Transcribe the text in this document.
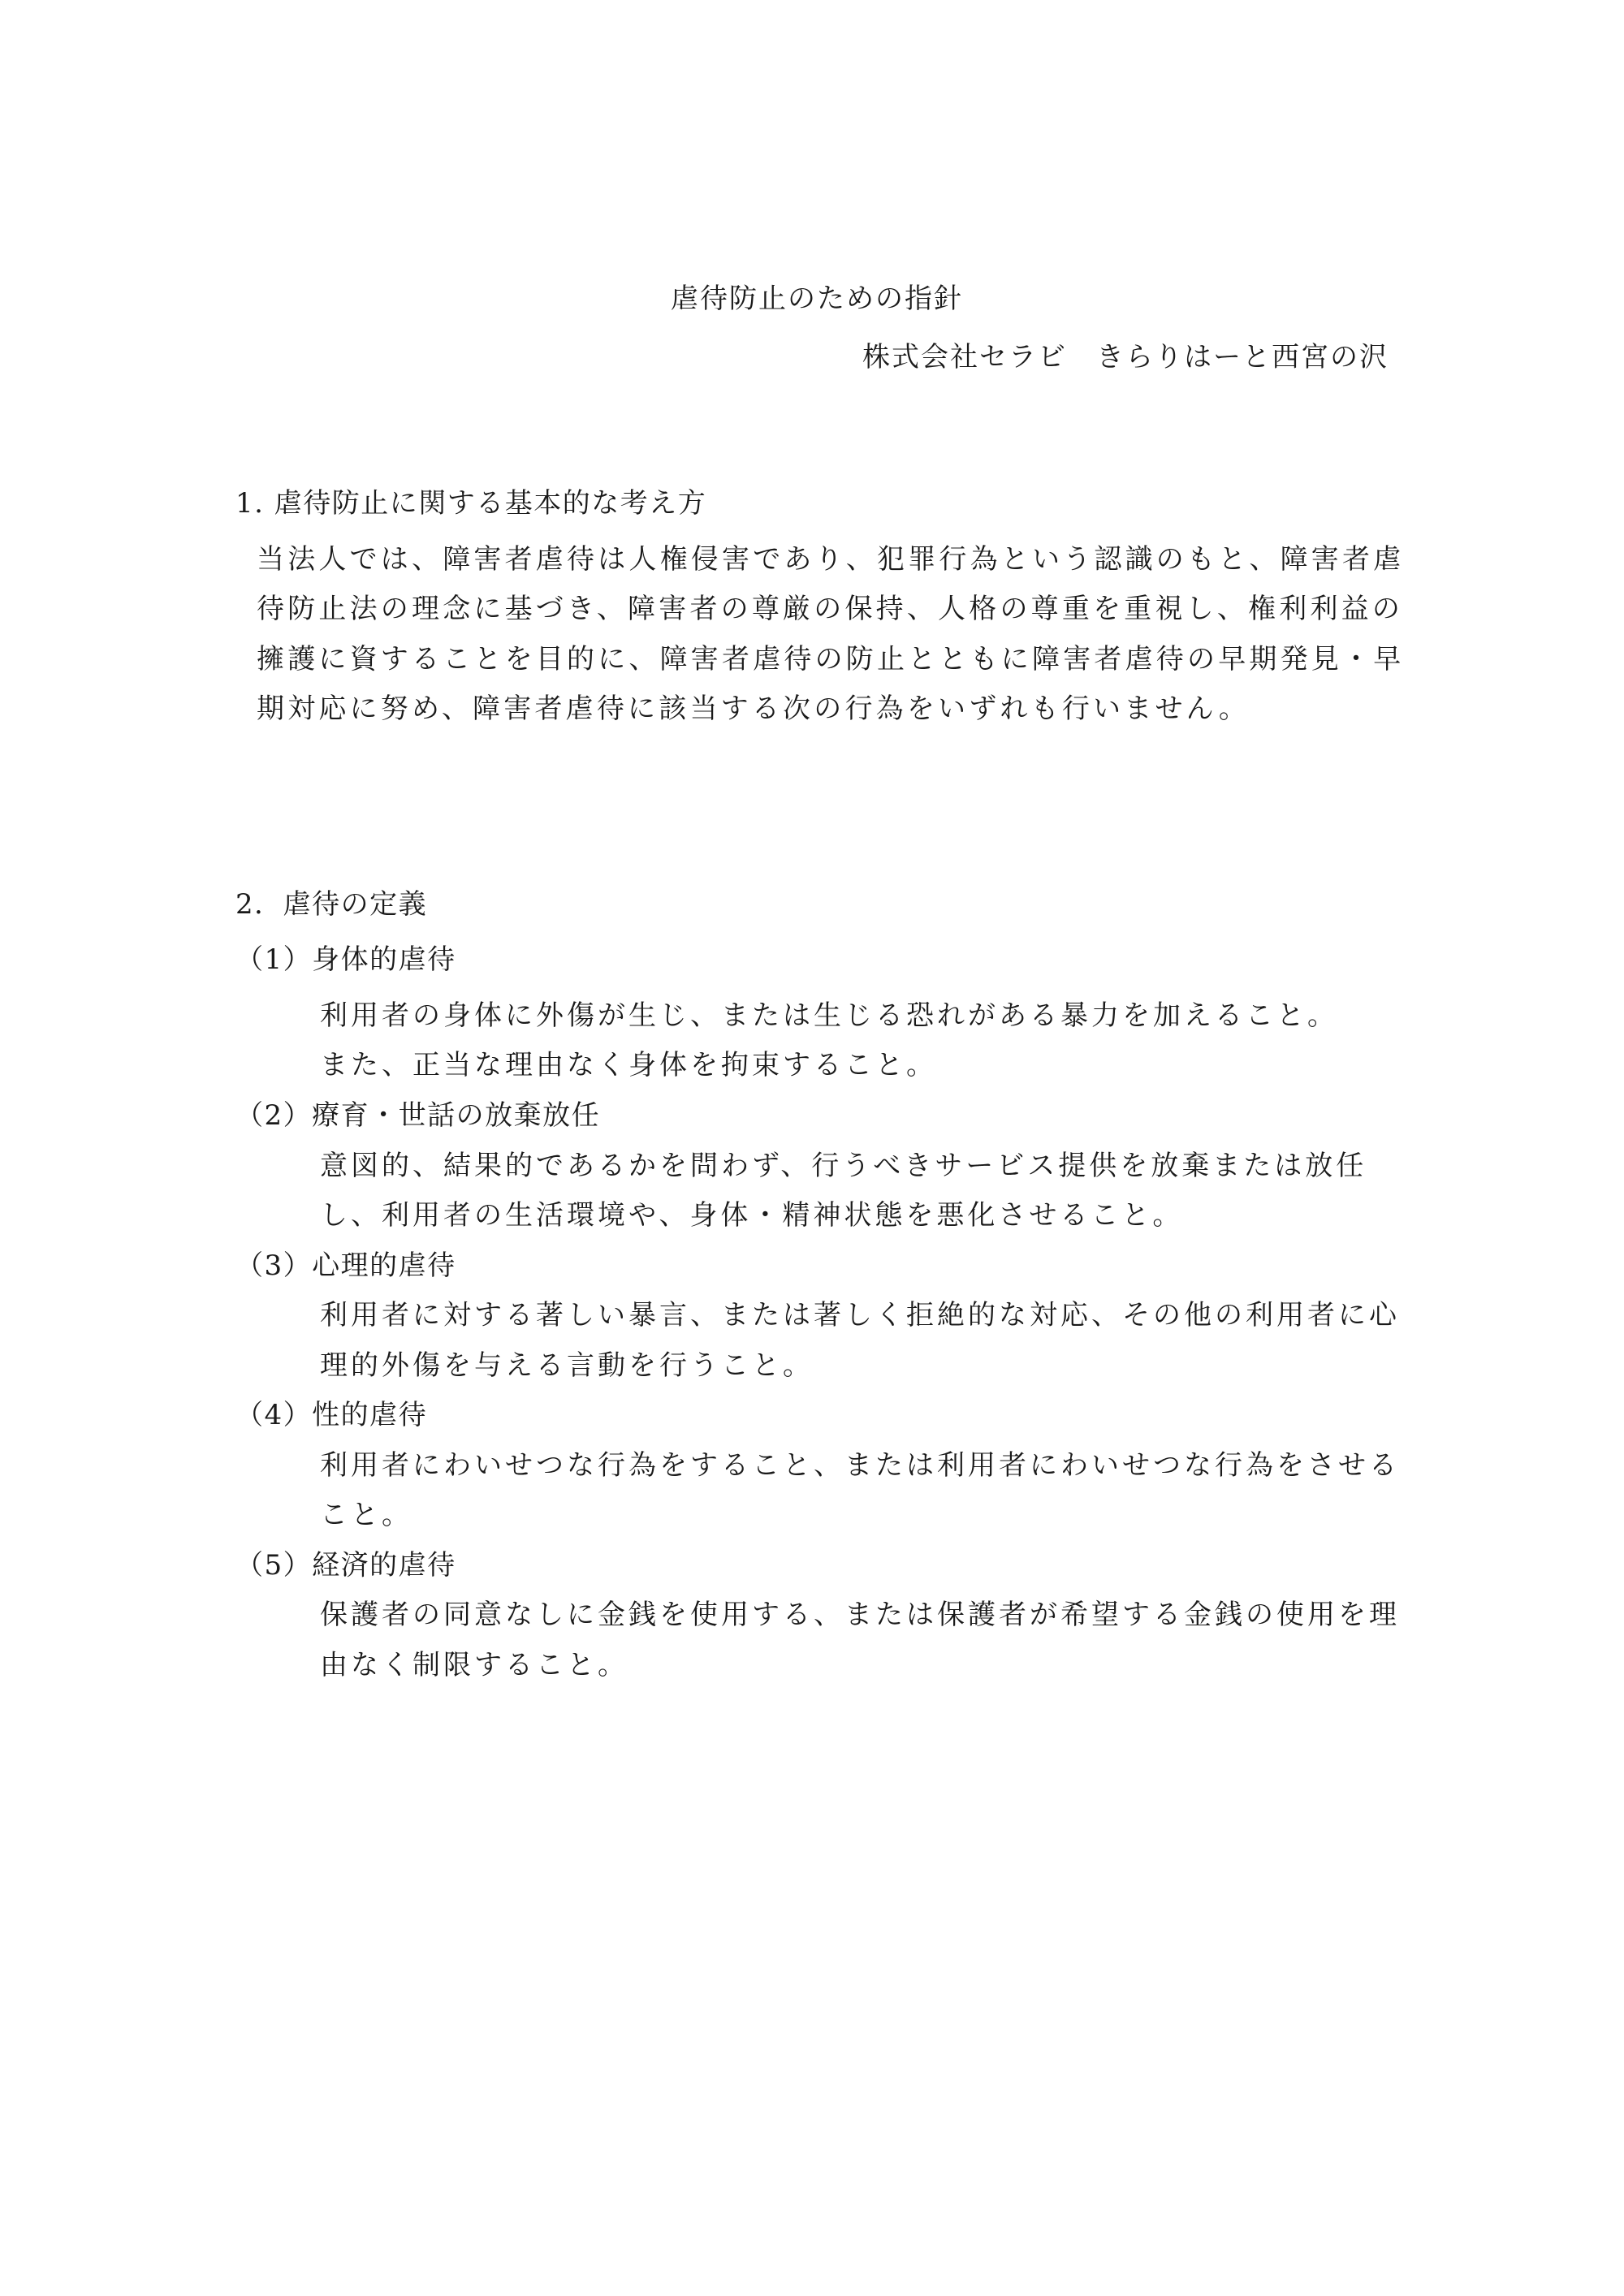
虐待防止のための指針
株式会社セラビ　きらりはーと西宮の沢
1. 虐待防止に関する基本的な考え方
当法人では、障害者虐待は人権侵害であり、犯罪行為という認識のもと、障害者虐
待防止法の理念に基づき、障害者の尊厳の保持、人格の尊重を重視し、権利利益の
擁護に資することを目的に、障害者虐待の防止とともに障害者虐待の早期発見・早
期対応に努め、障害者虐待に該当する次の行為をいずれも行いません。
2．虐待の定義
（1）身体的虐待
利用者の身体に外傷が生じ、または生じる恐れがある暴力を加えること。
また、正当な理由なく身体を拘束すること。
（2）療育・世話の放棄放任
意図的、結果的であるかを問わず、行うべきサービス提供を放棄または放任
し、利用者の生活環境や、身体・精神状態を悪化させること。
（3）心理的虐待
利用者に対する著しい暴言、または著しく拒絶的な対応、その他の利用者に心
理的外傷を与える言動を行うこと。
（4）性的虐待
利用者にわいせつな行為をすること、または利用者にわいせつな行為をさせる
こと。
（5）経済的虐待
保護者の同意なしに金銭を使用する、または保護者が希望する金銭の使用を理
由なく制限すること。
